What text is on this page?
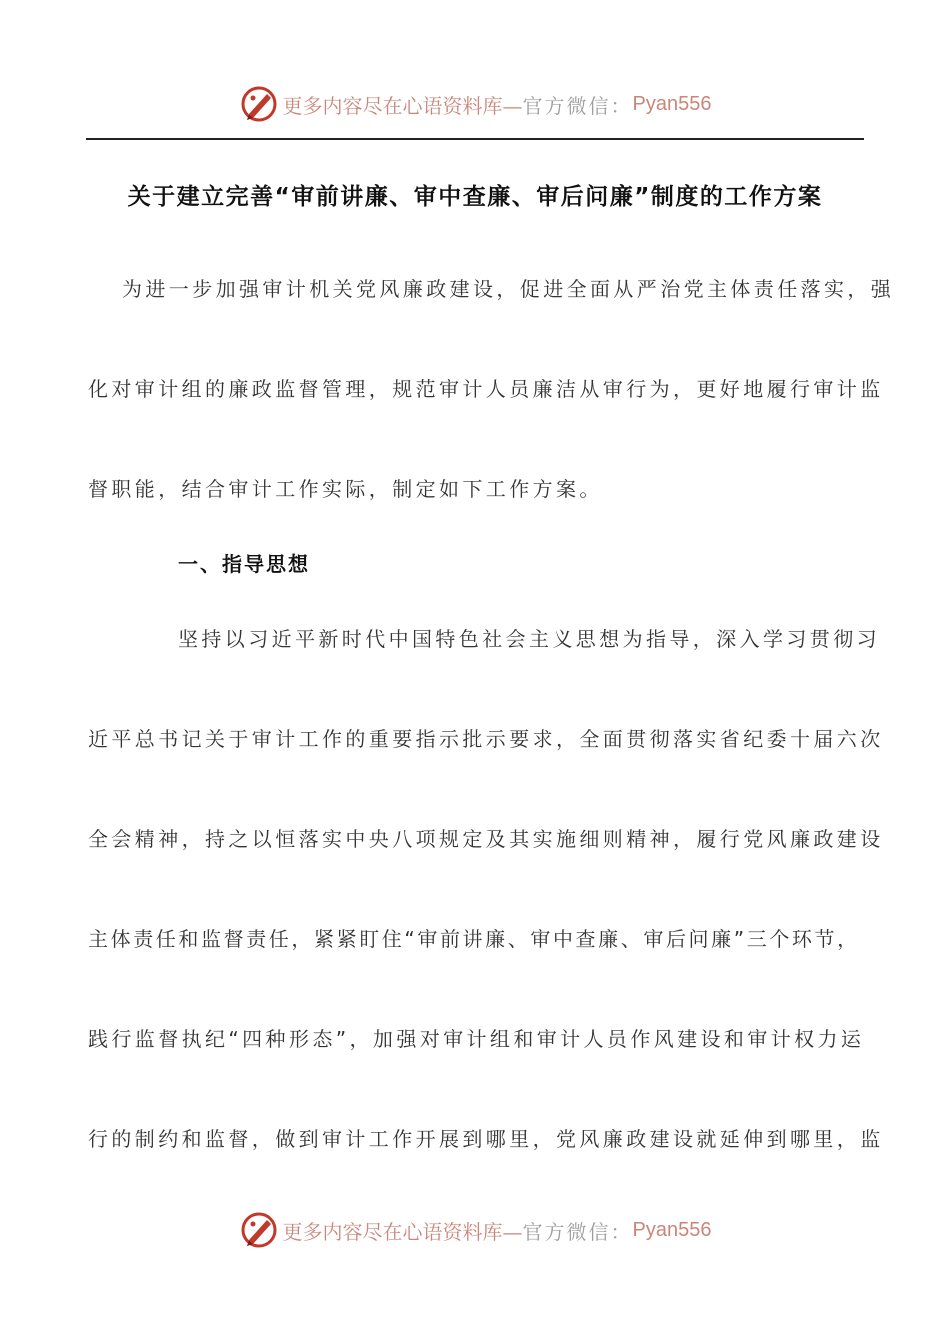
更多内容尽在心语资料库— 官方微信： Pyan556
关于建立完善“审前讲廉、审中查廉、审后问廉”制度的工作方案
为进一步加强审计机关党风廉政建设，促进全面从严治党主体责任落实，强
化对审计组的廉政监督管理，规范审计人员廉洁从审行为，更好地履行审计监
督职能，结合审计工作实际，制定如下工作方案。
一、指导思想
坚持以习近平新时代中国特色社会主义思想为指导，深入学习贯彻习
近平总书记关于审计工作的重要指示批示要求，全面贯彻落实省纪委十届六次
全会精神，持之以恒落实中央八项规定及其实施细则精神，履行党风廉政建设
主体责任和监督责任，紧紧盯住“审前讲廉、审中查廉、审后问廉”三个环节，
践行监督执纪“四种形态”，加强对审计组和审计人员作风建设和审计权力运
行的制约和监督，做到审计工作开展到哪里，党风廉政建设就延伸到哪里，监
更多内容尽在心语资料库— 官方微信： Pyan556
